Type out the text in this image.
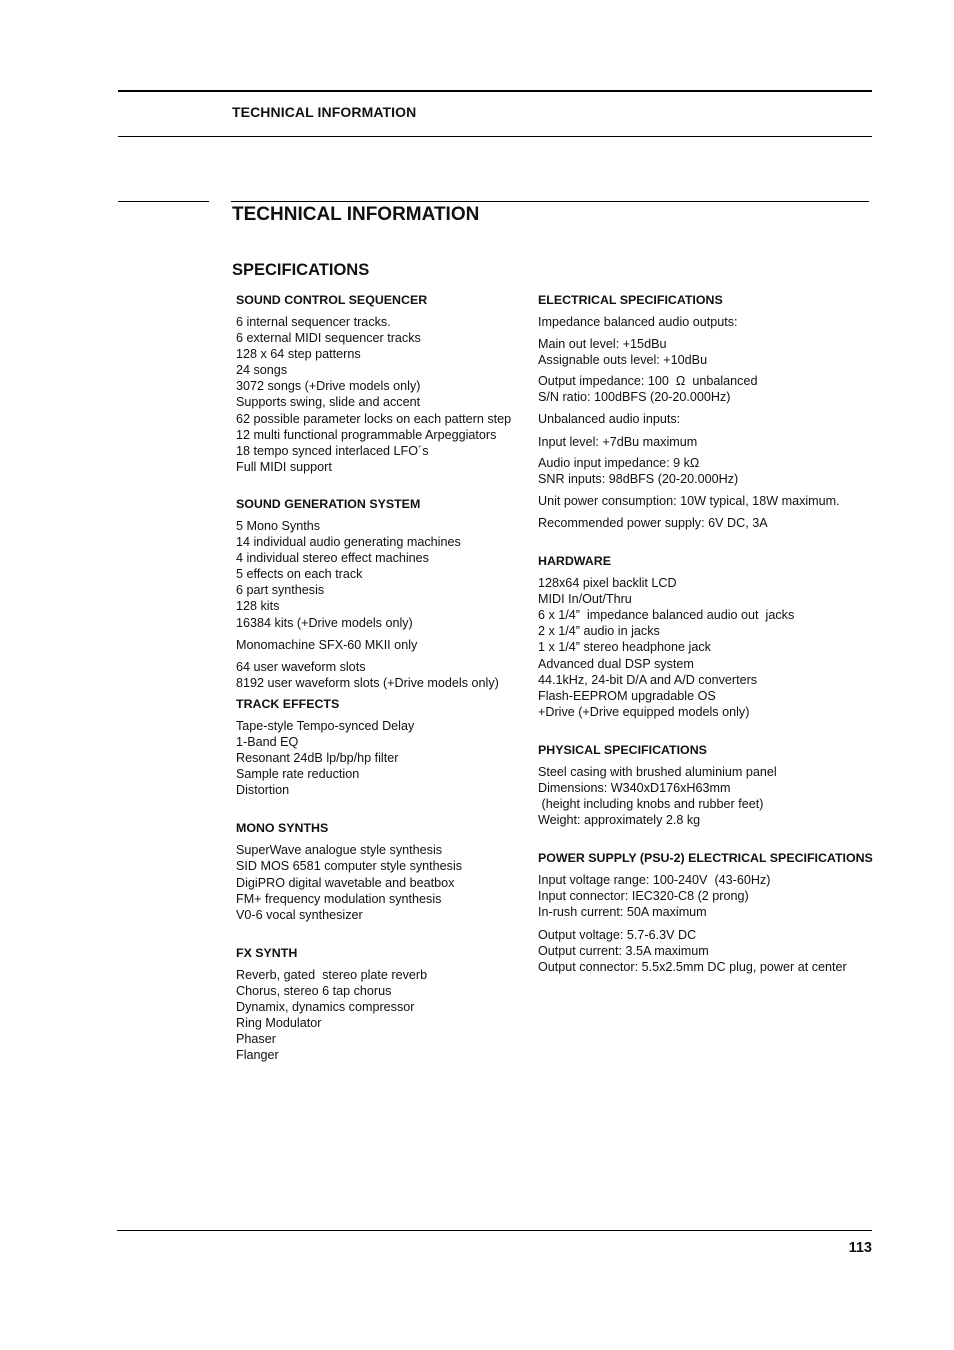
TECHNICAL INFORMATION
TECHNICAL INFORMATION
SPECIFICATIONS
SOUND CONTROL SEQUENCER
6 internal sequencer tracks.
6 external MIDI sequencer tracks
128 x 64 step patterns
24 songs
3072 songs (+Drive models only)
Supports swing, slide and accent
62 possible parameter locks on each pattern step
12 multi functional programmable Arpeggiators
18 tempo synced interlaced LFO´s
Full MIDI support
SOUND GENERATION SYSTEM
5 Mono Synths
14 individual audio generating machines
4 individual stereo effect machines
5 effects on each track
6 part synthesis
128 kits
16384 kits (+Drive models only)
Monomachine SFX-60 MKII only
64 user waveform slots
8192 user waveform slots (+Drive models only)
TRACK EFFECTS
Tape-style Tempo-synced Delay
1-Band EQ
Resonant 24dB lp/bp/hp filter
Sample rate reduction
Distortion
MONO SYNTHS
SuperWave analogue style synthesis
SID MOS 6581 computer style synthesis
DigiPRO digital wavetable and beatbox
FM+ frequency modulation synthesis
V0-6 vocal synthesizer
FX SYNTH
Reverb, gated  stereo plate reverb
Chorus, stereo 6 tap chorus
Dynamix, dynamics compressor
Ring Modulator
Phaser
Flanger
ELECTRICAL SPECIFICATIONS
Impedance balanced audio outputs:
Main out level: +15dBu
Assignable outs level: +10dBu
Output impedance: 100  Ω  unbalanced
S/N ratio: 100dBFS (20-20.000Hz)
Unbalanced audio inputs:
Input level: +7dBu maximum
Audio input impedance: 9 kΩ
SNR inputs: 98dBFS (20-20.000Hz)
Unit power consumption: 10W typical, 18W maximum.
Recommended power supply: 6V DC, 3A
HARDWARE
128x64 pixel backlit LCD
MIDI In/Out/Thru
6 x 1/4”  impedance balanced audio out  jacks
2 x 1/4” audio in jacks
1 x 1/4” stereo headphone jack
Advanced dual DSP system
44.1kHz, 24-bit D/A and A/D converters
Flash-EEPROM upgradable OS
+Drive (+Drive equipped models only)
PHYSICAL SPECIFICATIONS
Steel casing with brushed aluminium panel
Dimensions: W340xD176xH63mm
(height including knobs and rubber feet)
Weight: approximately 2.8 kg
POWER SUPPLY (PSU-2) ELECTRICAL SPECIFICATIONS
Input voltage range: 100-240V  (43-60Hz)
Input connector: IEC320-C8 (2 prong)
In-rush current: 50A maximum
Output voltage: 5.7-6.3V DC
Output current: 3.5A maximum
Output connector: 5.5x2.5mm DC plug, power at center
113
